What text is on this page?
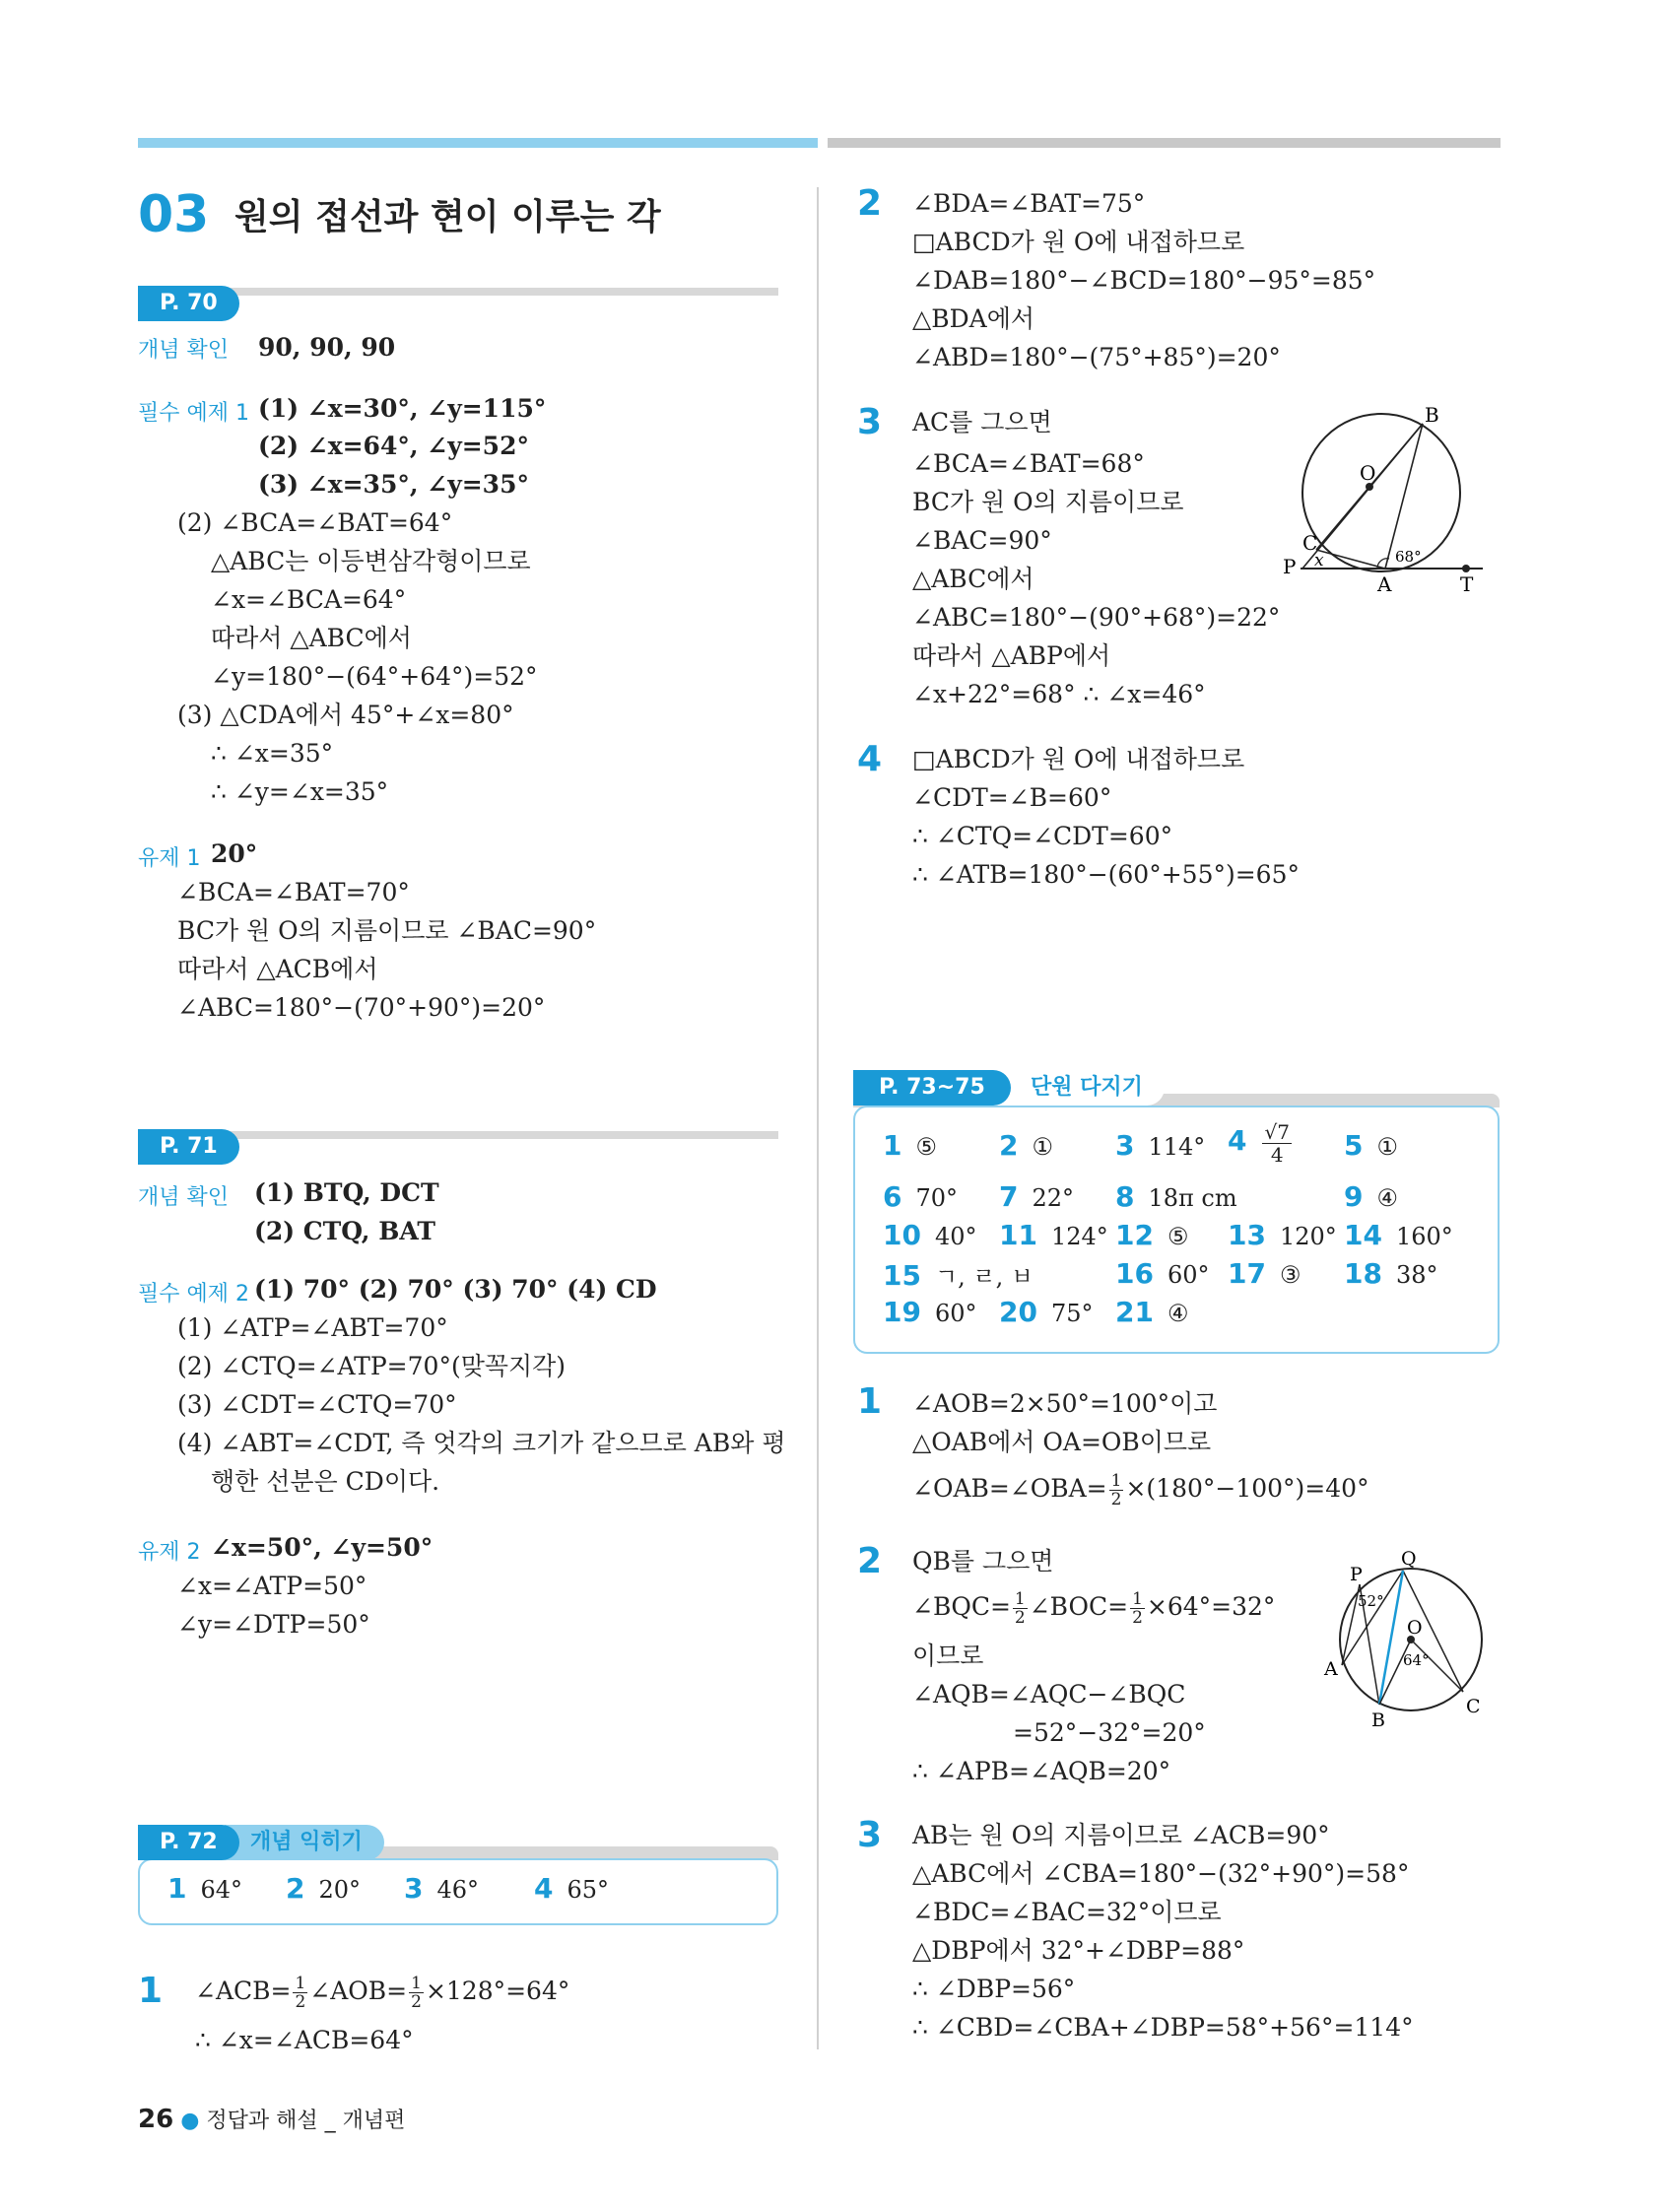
03 원의 접선과 현이 이루는 각
P. 70
개념 확인 90, 90, 90
필수 예제 1 (1) ∠x=30°, ∠y=115°
(2) ∠x=64°, ∠y=52°
(3) ∠x=35°, ∠y=35°
(2) ∠BCA=∠BAT=64°
△ABC는 이등변삼각형이므로
∠x=∠BCA=64°
따라서 △ABC에서
∠y=180°−(64°+64°)=52°
(3) △CDA에서 45°+∠x=80°
∴ ∠x=35°
∴ ∠y=∠x=35°
유제 1 20°
∠BCA=∠BAT=70°
BC가 원 O의 지름이므로 ∠BAC=90°
따라서 △ACB에서
∠ABC=180°−(70°+90°)=20°
P. 71
개념 확인 (1) BTQ, DCT
(2) CTQ, BAT
필수 예제 2 (1) 70° (2) 70° (3) 70° (4) CD
(1) ∠ATP=∠ABT=70°
(2) ∠CTQ=∠ATP=70°(맞꼭지각)
(3) ∠CDT=∠CTQ=70°
(4) ∠ABT=∠CDT, 즉 엇각의 크기가 같으므로 AB와 평
행한 선분은 CD이다.
유제 2 ∠x=50°, ∠y=50°
∠x=∠ATP=50°
∠y=∠DTP=50°
P. 72	개념 익히기
1 64° 2 20° 3 46° 4 65°
1 ∠ACB= $\frac{1}{2}$ ∠AOB= $\frac{1}{2} \times 128^\circ=64^\circ$
∴ ∠x=∠ACB=64°
2 ∠BDA=∠BAT=75°
□ABCD가 원 O에 내접하므로
∠DAB=180°−∠BCD=180°−95°=85°
△BDA에서
∠ABD=180°−(75°+85°)=20°
3 AC를 그으면
∠BCA=∠BAT=68°
BC가 원 O의 지름이므로
∠BAC=90°
△ABC에서
∠ABC=180°−(90°+68°)=22°
따라서 △ABP에서
∠x+22°=68° ∴ ∠x=46°
B
O
C
P x
A	T
68°
4 □ABCD가 원 O에 내접하므로
∠CDT=∠B=60°
∴ ∠CTQ=∠CDT=60°
∴ ∠ATB=180°−(60°+55°)=65°
P. 73~75	단원 다지기
1 ⑤ 2 ① 3 114° $4 \frac{√7}{4} 5$ ①
6 70° 7 22° 8 18π cm	9 ④
10 40° 11 124° 12 ⑤ 13 120° 14 160°
15 ㄱ, ㄹ, ㅂ	16 60° 17 ③ 18 38°
19 60° 20 75° 21 ④
1 ∠AOB=2×50°=100°이고
△OAB에서 OA=OB이므로
∠OAB=∠OBA= $\frac{1}{2} \times(180^\circ-100^\circ)=40^\circ$
2 QB를 그으면
∠BQC= $\frac{1}{2}$ ∠BOC= $\frac{1}{2} \times 64^\circ=32^\circ$
이므로
∠AQB=∠AQC−∠BQC
=52°−32°=20°
∴ ∠APB=∠AQB=20°
P
Q
O
A
B
C
52°
64°
3 AB는 원 O의 지름이므로 ∠ACB=90°
△ABC에서 ∠CBA=180°−(32°+90°)=58°
∠BDC=∠BAC=32°이므로
△DBP에서 32°+∠DBP=88°
∴ ∠DBP=56°
∴ ∠CBD=∠CBA+∠DBP=58°+56°=114°
26 ● 정답과 해설 _ 개념편
